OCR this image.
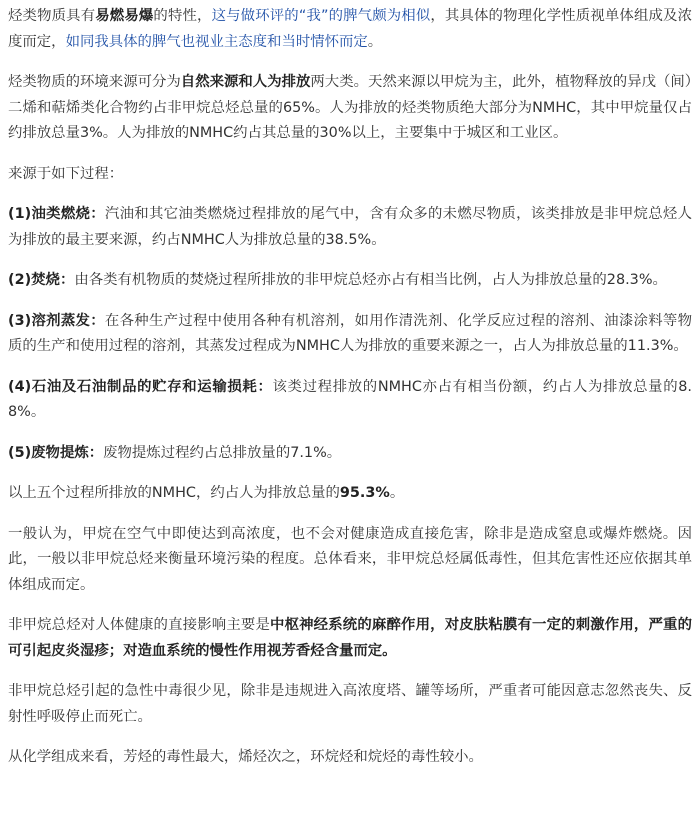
烃类物质具有易燃易爆的特性，这与做环评的“我”的脾气颇为相似，其具体的物理化学性质视单体组成及浓度而定，如同我具体的脾气也视业主态度和当时情怀而定。

烃类物质的环境来源可分为自然来源和人为排放两大类。天然来源以甲烷为主，此外，植物释放的异戊（间）二烯和萜烯类化合物约占非甲烷总烃总量的65%。人为排放的烃类物质绝大部分为NMHC，其中甲烷量仅占约排放总量3%。人为排放的NMHC约占其总量的30%以上，主要集中于城区和工业区。

来源于如下过程：

(1)油类燃烧：汽油和其它油类燃烧过程排放的尾气中，含有众多的未燃尽物质，该类排放是非甲烷总烃人为排放的最主要来源，约占NMHC人为排放总量的38.5%。

(2)焚烧：由各类有机物质的焚烧过程所排放的非甲烷总烃亦占有相当比例，占人为排放总量的28.3%。

(3)溶剂蒸发：在各种生产过程中使用各种有机溶剂，如用作清洗剂、化学反应过程的溶剂、油漆涂料等物质的生产和使用过程的溶剂，其蒸发过程成为NMHC人为排放的重要来源之一，占人为排放总量的11.3%。

(4)石油及石油制品的贮存和运输损耗：该类过程排放的NMHC亦占有相当份额，约占人为排放总量的8.8%。

(5)废物提炼：废物提炼过程约占总排放量的7.1%。

以上五个过程所排放的NMHC，约占人为排放总量的95.3%。

一般认为，甲烷在空气中即使达到高浓度，也不会对健康造成直接危害，除非是造成窒息或爆炸燃烧。因此，一般以非甲烷总烃来衡量环境污染的程度。总体看来，非甲烷总烃属低毒性，但其危害性还应依据其单体组成而定。

非甲烷总烃对人体健康的直接影响主要是中枢神经系统的麻醉作用，对皮肤粘膜有一定的刺激作用，严重的可引起皮炎湿疹；对造血系统的慢性作用视芳香烃含量而定。

非甲烷总烃引起的急性中毒很少见，除非是违规进入高浓度塔、罐等场所，严重者可能因意志忽然丧失、反射性呼吸停止而死亡。

从化学组成来看，芳烃的毒性最大，烯烃次之，环烷烃和烷烃的毒性较小。
